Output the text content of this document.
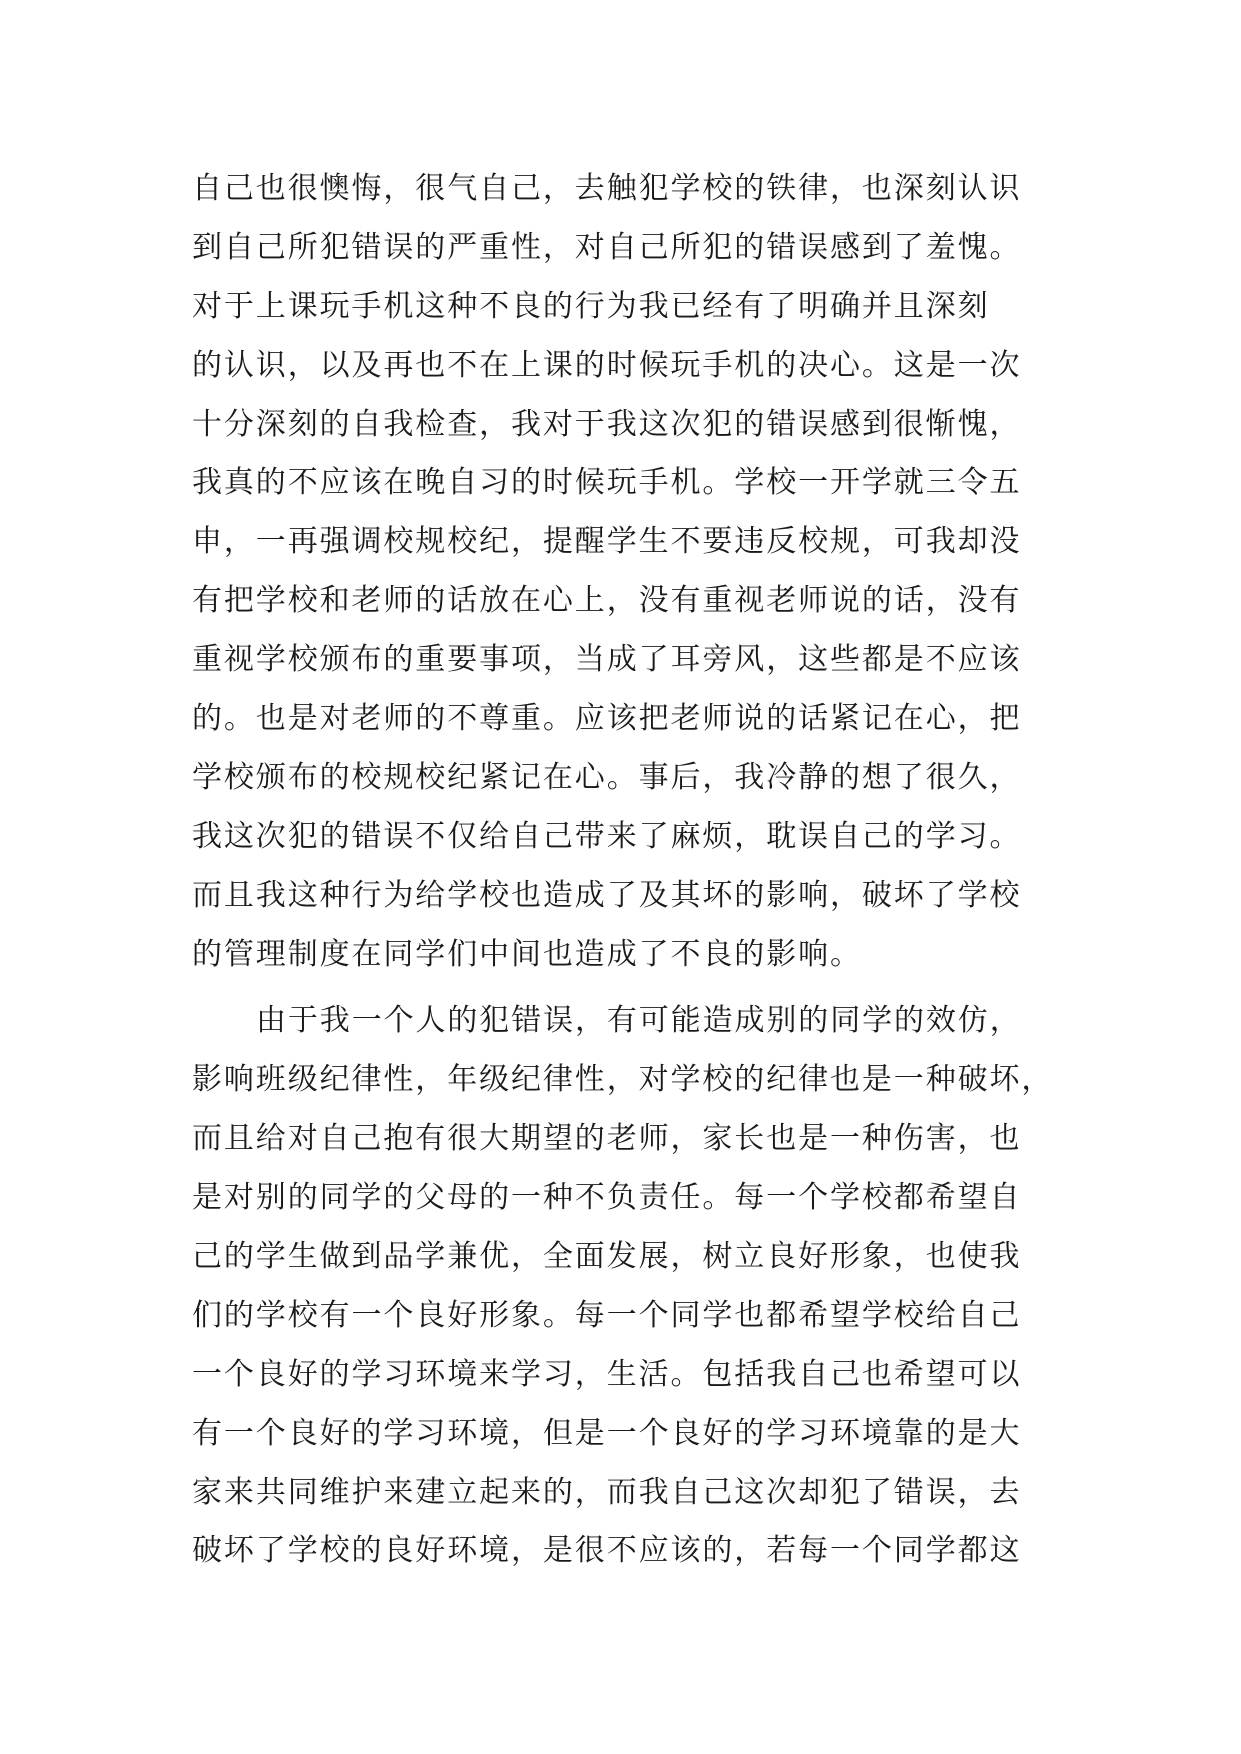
自己也很懊悔，很气自己，去触犯学校的铁律，也深刻认识
到自己所犯错误的严重性，对自己所犯的错误感到了羞愧。
对于上课玩手机这种不良的行为我已经有了明确并且深刻
的认识，以及再也不在上课的时候玩手机的决心。这是一次
十分深刻的自我检查，我对于我这次犯的错误感到很惭愧，
我真的不应该在晚自习的时候玩手机。学校一开学就三令五
申，一再强调校规校纪，提醒学生不要违反校规，可我却没
有把学校和老师的话放在心上，没有重视老师说的话，没有
重视学校颁布的重要事项，当成了耳旁风，这些都是不应该
的。也是对老师的不尊重。应该把老师说的话紧记在心，把
学校颁布的校规校纪紧记在心。事后，我冷静的想了很久，
我这次犯的错误不仅给自己带来了麻烦，耽误自己的学习。
而且我这种行为给学校也造成了及其坏的影响，破坏了学校
的管理制度在同学们中间也造成了不良的影响。
由于我一个人的犯错误，有可能造成别的同学的效仿，
影响班级纪律性，年级纪律性，对学校的纪律也是一种破坏，
而且给对自己抱有很大期望的老师，家长也是一种伤害，也
是对别的同学的父母的一种不负责任。每一个学校都希望自
己的学生做到品学兼优，全面发展，树立良好形象，也使我
们的学校有一个良好形象。每一个同学也都希望学校给自己
一个良好的学习环境来学习，生活。包括我自己也希望可以
有一个良好的学习环境，但是一个良好的学习环境靠的是大
家来共同维护来建立起来的，而我自己这次却犯了错误，去
破坏了学校的良好环境，是很不应该的，若每一个同学都这
